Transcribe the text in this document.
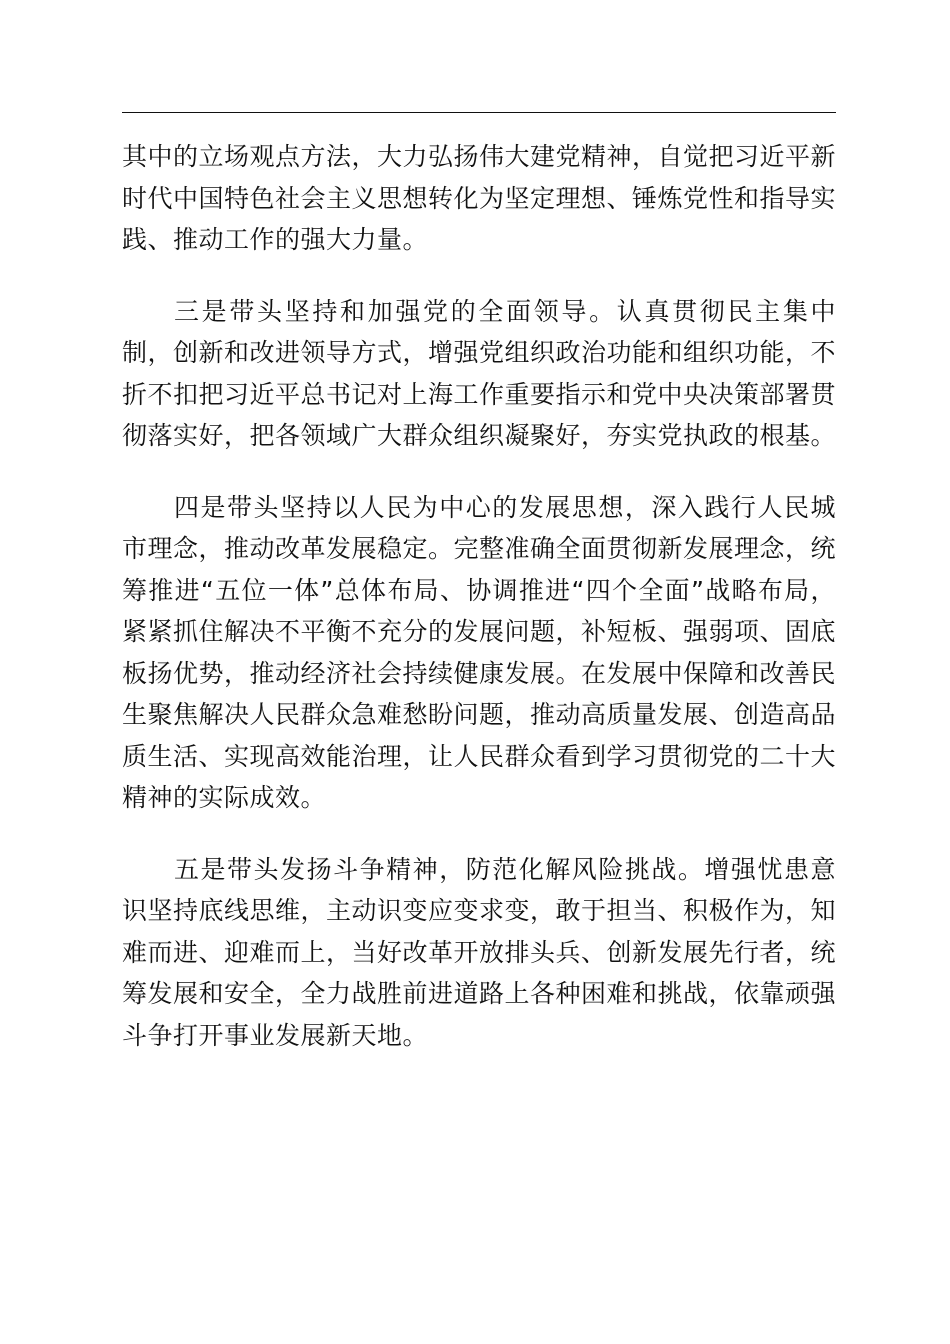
其中的立场观点方法，大力弘扬伟大建党精神，自觉把习近平新时代中国特色社会主义思想转化为坚定理想、锤炼党性和指导实践、推动工作的强大力量。

三是带头坚持和加强党的全面领导。认真贯彻民主集中制，创新和改进领导方式，增强党组织政治功能和组织功能，不折不扣把习近平总书记对上海工作重要指示和党中央决策部署贯彻落实好，把各领域广大群众组织凝聚好，夯实党执政的根基。

四是带头坚持以人民为中心的发展思想，深入践行人民城市理念，推动改革发展稳定。完整准确全面贯彻新发展理念，统筹推进“五位一体”总体布局、协调推进“四个全面”战略布局，紧紧抓住解决不平衡不充分的发展问题，补短板、强弱项、固底板扬优势，推动经济社会持续健康发展。在发展中保障和改善民生聚焦解决人民群众急难愁盼问题，推动高质量发展、创造高品质生活、实现高效能治理，让人民群众看到学习贯彻党的二十大精神的实际成效。

五是带头发扬斗争精神，防范化解风险挑战。增强忧患意识坚持底线思维，主动识变应变求变，敢于担当、积极作为，知难而进、迎难而上，当好改革开放排头兵、创新发展先行者，统筹发展和安全，全力战胜前进道路上各种困难和挑战，依靠顽强斗争打开事业发展新天地。
